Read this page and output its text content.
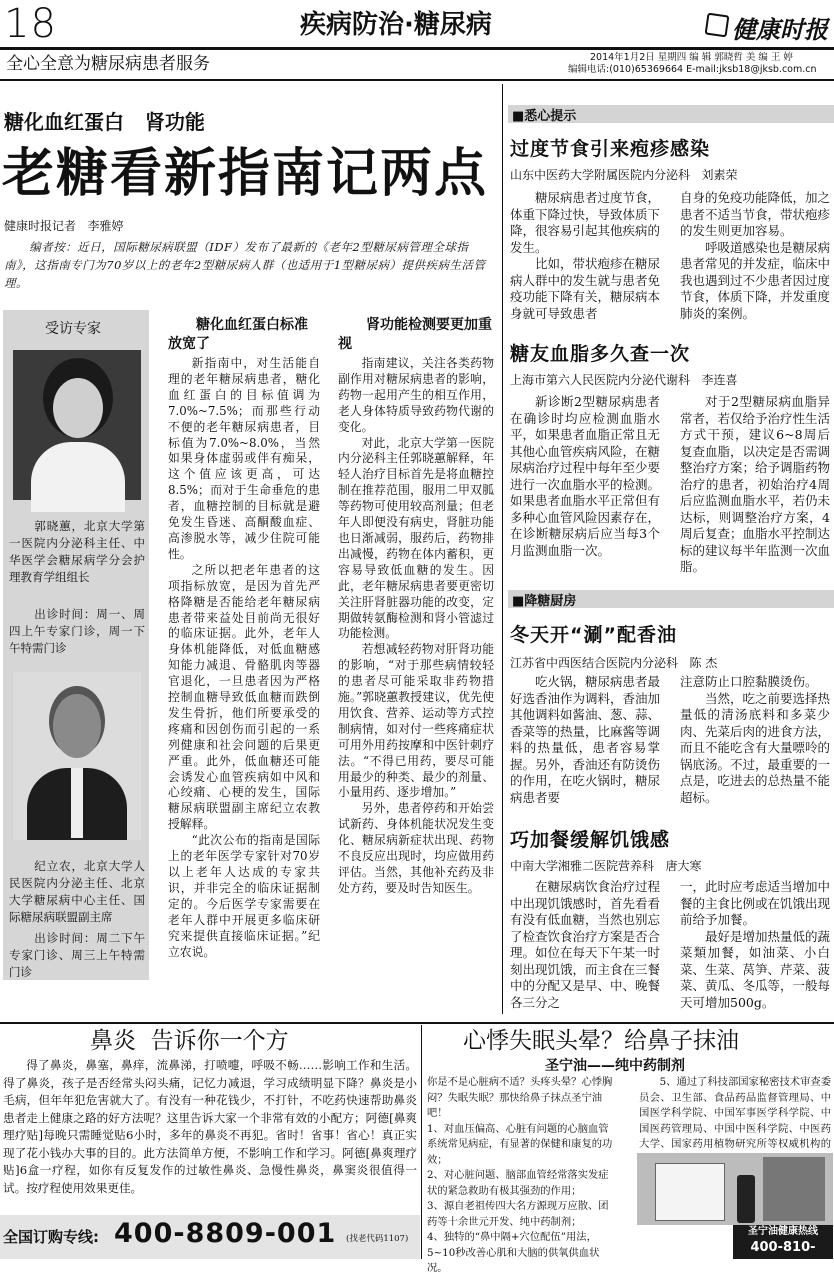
18	疾病防治·糖尿病	健康时报
全心全意为糖尿病患者服务	2014年1月2日 星期四 编 辑 郭晓哲 美 编 王 婷
编辑电话:(010)65369664 E-mail:jksb18@jksb.com.cn
糖化血红蛋白   肾功能
老糖看新指南记两点
健康时报记者   李雅婷
编者按：近日，国际糖尿病联盟（IDF）发布了最新的《老年2型糖尿病管理全球指南》，这指南专门为70岁以上的老年2型糖尿病人群（也适用于1型糖尿病）提供疾病生活管理。
受访专家
郭晓蕙，北京大学第一医院内分泌科主任、中华医学会糖尿病学分会护理教育学组组长
出诊时间：周一、周四上午专家门诊，周一下午特需门诊
纪立农，北京大学人民医院内分泌主任、北京大学糖尿病中心主任、国际糖尿病联盟副主席
出诊时间：周二下午专家门诊、周三上午特需门诊
糖化血红蛋白标准放宽了

新指南中，对生活能自理的老年糖尿病患者，糖化血红蛋白的目标值调为7.0%~7.5%；而那些行动不便的老年糖尿病患者，目标值为7.0%~8.0%，当然如果身体虚弱或伴有痴呆，这个值应该更高，可达8.5%；而对于生命垂危的患者，血糖控制的目标就是避免发生昏迷、高酮酸血症、高渗脱水等，减少住院可能性。

之所以把老年患者的这项指标放宽，是因为首先严格降糖是否能给老年糖尿病患者带来益处目前尚无很好的临床证据。此外，老年人身体机能降低，对低血糖感知能力减退、骨骼肌肉等器官退化，一旦患者因为严格控制血糖导致低血糖而跌倒发生骨折，他们所要承受的疼痛和因创伤而引起的一系列健康和社会问题的后果更严重。此外，低血糖还可能会诱发心血管疾病如中风和心绞痛、心梗的发生，国际糖尿病联盟副主席纪立农教授解释。

“此次公布的指南是国际上的老年医学专家针对70岁以上老年人达成的专家共识，并非完全的临床证据制定的。今后医学专家需要在老年人群中开展更多临床研究来提供直接临床证据。”纪立农说。

肾功能检测要更加重视

指南建议，关注各类药物副作用对糖尿病患者的影响，药物一起用产生的相互作用，老人身体特质导致药物代谢的变化。

对此，北京大学第一医院内分泌科主任郭晓蕙解释，年轻人治疗目标首先是将血糖控制在推荐范围，服用二甲双胍等药物可使用较高剂量；但老年人即便没有病史，肾脏功能也日渐减弱，服药后，药物排出减慢，药物在体内蓄积，更容易导致低血糖的发生。因此，老年糖尿病患者要更密切关注肝肾脏器功能的改变，定期做转氨酶检测和肾小管滤过功能检测。

若想减轻药物对肝肾功能的影响，“对于那些病情较轻的患者尽可能采取非药物措施。”郭晓蕙教授建议，优先使用饮食、营养、运动等方式控制病情，如对付一些疼痛症状可用外用药按摩和中医针刺疗法。“不得已用药，要尽可能用最少的种类、最少的剂量、小量用药、逐步增加。”

另外，患者停药和开始尝试新药、身体机能状况发生变化、糖尿病新症状出现、药物不良反应出现时，均应做用药评估。当然，其他补充药及非处方药，要及时告知医生。

■悉心提示
过度节食引来疱疹感染
山东中医药大学附属医院内分泌科   刘素荣

糖尿病患者过度节食，体重下降过快，导致体质下降，很容易引起其他疾病的发生。

比如，带状疱疹在糖尿病人群中的发生就与患者免疫功能下降有关，糖尿病本身就可导致患者

自身的免疫功能降低，加之患者不适当节食，带状疱疹的发生则更加容易。

呼吸道感染也是糖尿病患者常见的并发症，临床中我也遇到过不少患者因过度节食，体质下降，并发重度肺炎的案例。

糖友血脂多久查一次
上海市第六人民医院内分泌代谢科   李连喜

新诊断2型糖尿病患者在确诊时均应检测血脂水平，如果患者血脂正常且无其他心血管疾病风险，在糖尿病治疗过程中每年至少要进行一次血脂水平的检测。如果患者血脂水平正常但有多种心血管风险因素存在，在诊断糖尿病后应当每3个月监测血脂一次。

对于2型糖尿病血脂异常者，若仅给予治疗性生活方式干预，建议6~8周后复查血脂，以决定是否需调整治疗方案；给予调脂药物治疗的患者，初始治疗4周后应监测血脂水平，若仍未达标，则调整治疗方案，4周后复查；血脂水平控制达标的建议每半年监测一次血脂。

■降糖厨房
冬天开“涮”配香油
江苏省中西医结合医院内分泌科   陈 杰

吃火锅，糖尿病患者最好选香油作为调料，香油加其他调料如酱油、葱、蒜、香菜等的热量，比麻酱等调料的热量低，患者容易掌握。另外，香油还有防烫伤的作用，在吃火锅时，糖尿病患者要

注意防止口腔黏膜烫伤。

当然，吃之前要选择热量低的清汤底料和多菜少肉、先菜后肉的进食方法，而且不能吃含有大量嘌呤的锅底汤。不过，最重要的一点是，吃进去的总热量不能超标。

巧加餐缓解饥饿感
中南大学湘雅二医院营养科   唐大寒

在糖尿病饮食治疗过程中出现饥饿感时，首先看看有没有低血糖，当然也别忘了检查饮食治疗方案是否合理。如位在每天下午某一时刻出现饥饿，而主食在三餐中的分配又是早、中、晚餐各三分之

一，此时应考虑适当增加中餐的主食比例或在饥饿出现前给予加餐。

最好是增加热量低的蔬菜類加餐，如油菜、小白菜、生菜、莴笋、芹菜、菠菜、黄瓜、冬瓜等，一般每天可增加500g。

鼻炎  告诉你一个方
得了鼻炎，鼻塞，鼻痒，流鼻涕，打喷嚏，呼吸不畅……影响工作和生活。得了鼻炎，孩子是否经常头闷头痛，记忆力减退，学习成绩明显下降？鼻炎是小毛病，但年年犯危害就大了。有没有一种花钱少，不打针，不吃药快速帮助鼻炎患者走上健康之路的好方法呢？这里告诉大家一个非常有效的小配方；阿德[鼻爽理疗贴]每晚只需睡觉贴6小时，多年的鼻炎不再犯。省时！省事！省心！真正实现了花小钱办大事的目的。此方法简单方便，不影响工作和学习。阿德[鼻爽理疗贴]6盒一疗程，如你有反复发作的过敏性鼻炎、急慢性鼻炎，鼻窦炎很值得一试。按疗程使用效果更佳。
全国订购专线: 400-8809-001 (找老代码1107)
心悸失眠头晕？给鼻子抹油
圣宁油——纯中药制剂
你是不是心脏病不适？头疼头晕？心悸胸闷？失眠失眠？那快给鼻子抹点圣宁油吧！
1、对血压偏高、心脏有问题的心脑血管系统常见病症，有显著的保健和康复的功效；
2、对心脏问题、脑部血管经常落实发症状的紧急救助有极其强劲的作用；
3、源自老祖传四大名方源现万应散、团药等十余世元开发、纯中药制剂；
4、独特的“鼻中隔+穴位配伍”用法，5~10秒改善心肌和大脑的供氧供血状况。
5、通过了科技部国家秘密技术审查委员会、卫生部、食品药品监督管理局、中国医学科学院、中国军事医学科学院、中国医药管理局、中国中医科学院、中医药大学、国家药用植物研究所等权威机构的
圣宁油健康热线
400-810-0760
